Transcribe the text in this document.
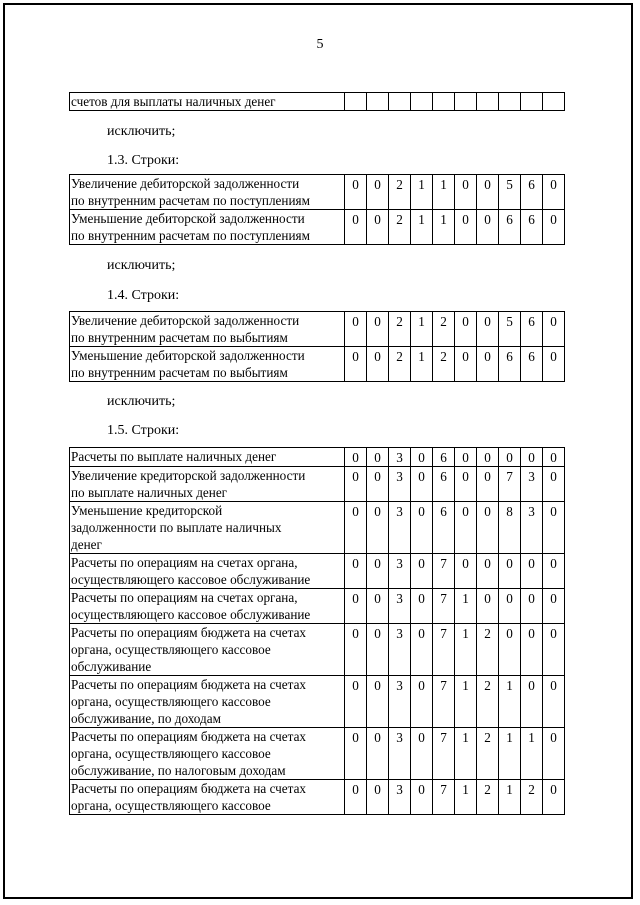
5
счетов для выплаты наличных денег										
исключить;
1.3. Строки:
Увеличение дебиторской задолженности
по внутренним расчетам по поступлениям	0	0	2	1	1	0	0	5	6	0
Уменьшение дебиторской задолженности
по внутренним расчетам по поступлениям	0	0	2	1	1	0	0	6	6	0
исключить;
1.4. Строки:
Увеличение дебиторской задолженности
по внутренним расчетам по выбытиям	0	0	2	1	2	0	0	5	6	0
Уменьшение дебиторской задолженности
по внутренним расчетам по выбытиям	0	0	2	1	2	0	0	6	6	0
исключить;
1.5. Строки:
Расчеты по выплате наличных денег	0	0	3	0	6	0	0	0	0	0
Увеличение кредиторской задолженности
по выплате наличных денег	0	0	3	0	6	0	0	7	3	0
Уменьшение кредиторской
задолженности по выплате наличных
денег	0	0	3	0	6	0	0	8	3	0
Расчеты по операциям на счетах органа,
осуществляющего кассовое обслуживание	0	0	3	0	7	0	0	0	0	0
Расчеты по операциям на счетах органа,
осуществляющего кассовое обслуживание	0	0	3	0	7	1	0	0	0	0
Расчеты по операциям бюджета на счетах
органа, осуществляющего кассовое
обслуживание	0	0	3	0	7	1	2	0	0	0
Расчеты по операциям бюджета на счетах
органа, осуществляющего кассовое
обслуживание, по доходам	0	0	3	0	7	1	2	1	0	0
Расчеты по операциям бюджета на счетах
органа, осуществляющего кассовое
обслуживание, по налоговым доходам	0	0	3	0	7	1	2	1	1	0
Расчеты по операциям бюджета на счетах
органа, осуществляющего кассовое	0	0	3	0	7	1	2	1	2	0
